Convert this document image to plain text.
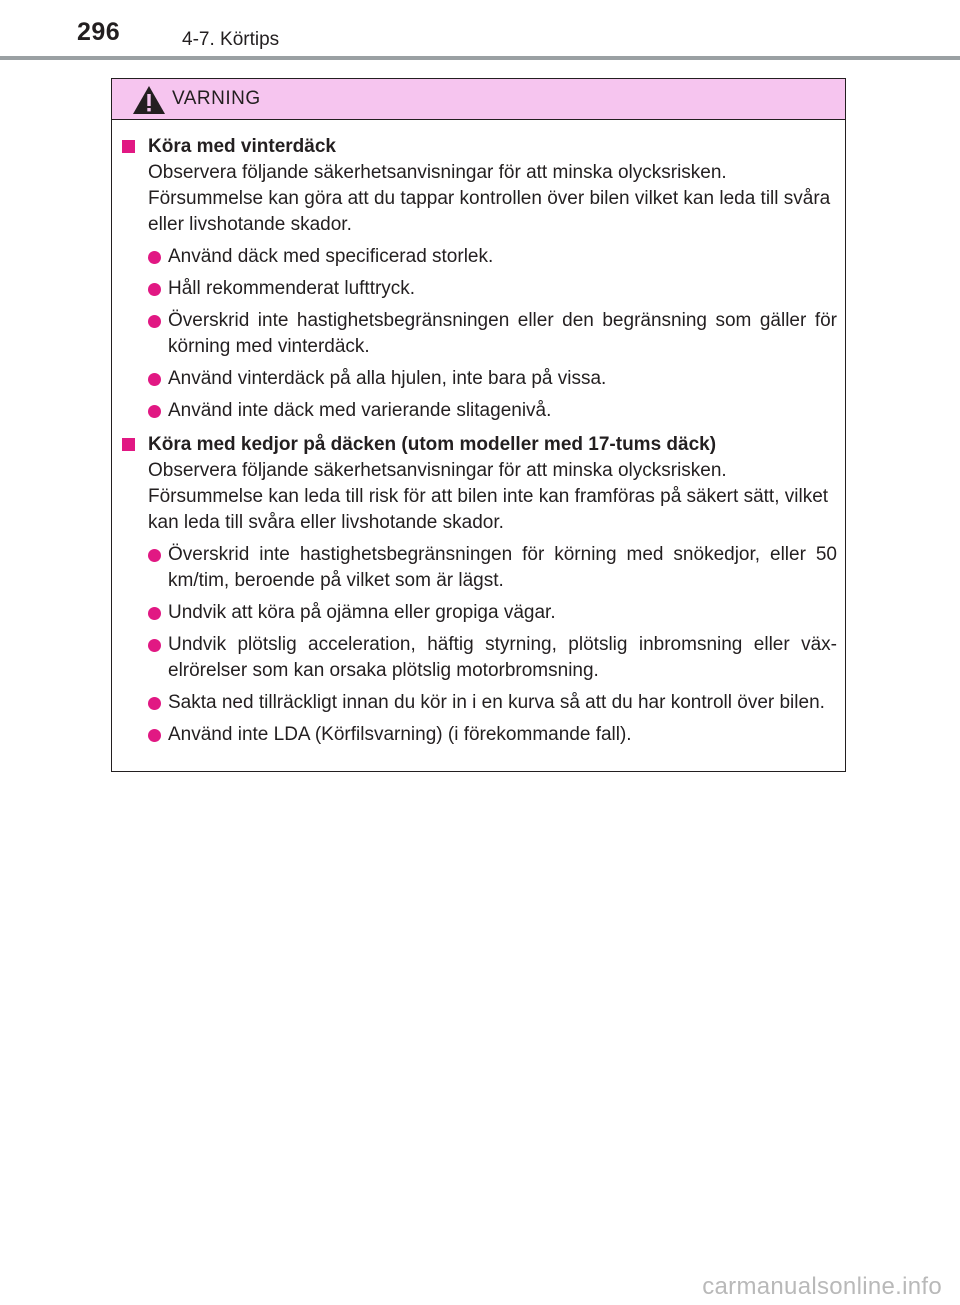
296	4-7. Körtips
VARNING
Köra med vinterdäck
Observera följande säkerhetsanvisningar för att minska olycksrisken. Försummelse kan göra att du tappar kontrollen över bilen vilket kan leda till svåra eller livshotande skador.
Använd däck med specificerad storlek.
Håll rekommenderat lufttryck.
Överskrid inte hastighetsbegränsningen eller den begränsning som gäller för körning med vinterdäck.
Använd vinterdäck på alla hjulen, inte bara på vissa.
Använd inte däck med varierande slitagenivå.
Köra med kedjor på däcken (utom modeller med 17-tums däck)
Observera följande säkerhetsanvisningar för att minska olycksrisken. Försummelse kan leda till risk för att bilen inte kan framföras på säkert sätt, vilket kan leda till svåra eller livshotande skador.
Överskrid inte hastighetsbegränsningen för körning med snökedjor, eller 50 km/tim, beroende på vilket som är lägst.
Undvik att köra på ojämna eller gropiga vägar.
Undvik plötslig acceleration, häftig styrning, plötslig inbromsning eller väx-elrörelser som kan orsaka plötslig motorbromsning.
Sakta ned tillräckligt innan du kör in i en kurva så att du har kontroll över bilen.
Använd inte LDA (Körfilsvarning) (i förekommande fall).
carmanualsonline.info
